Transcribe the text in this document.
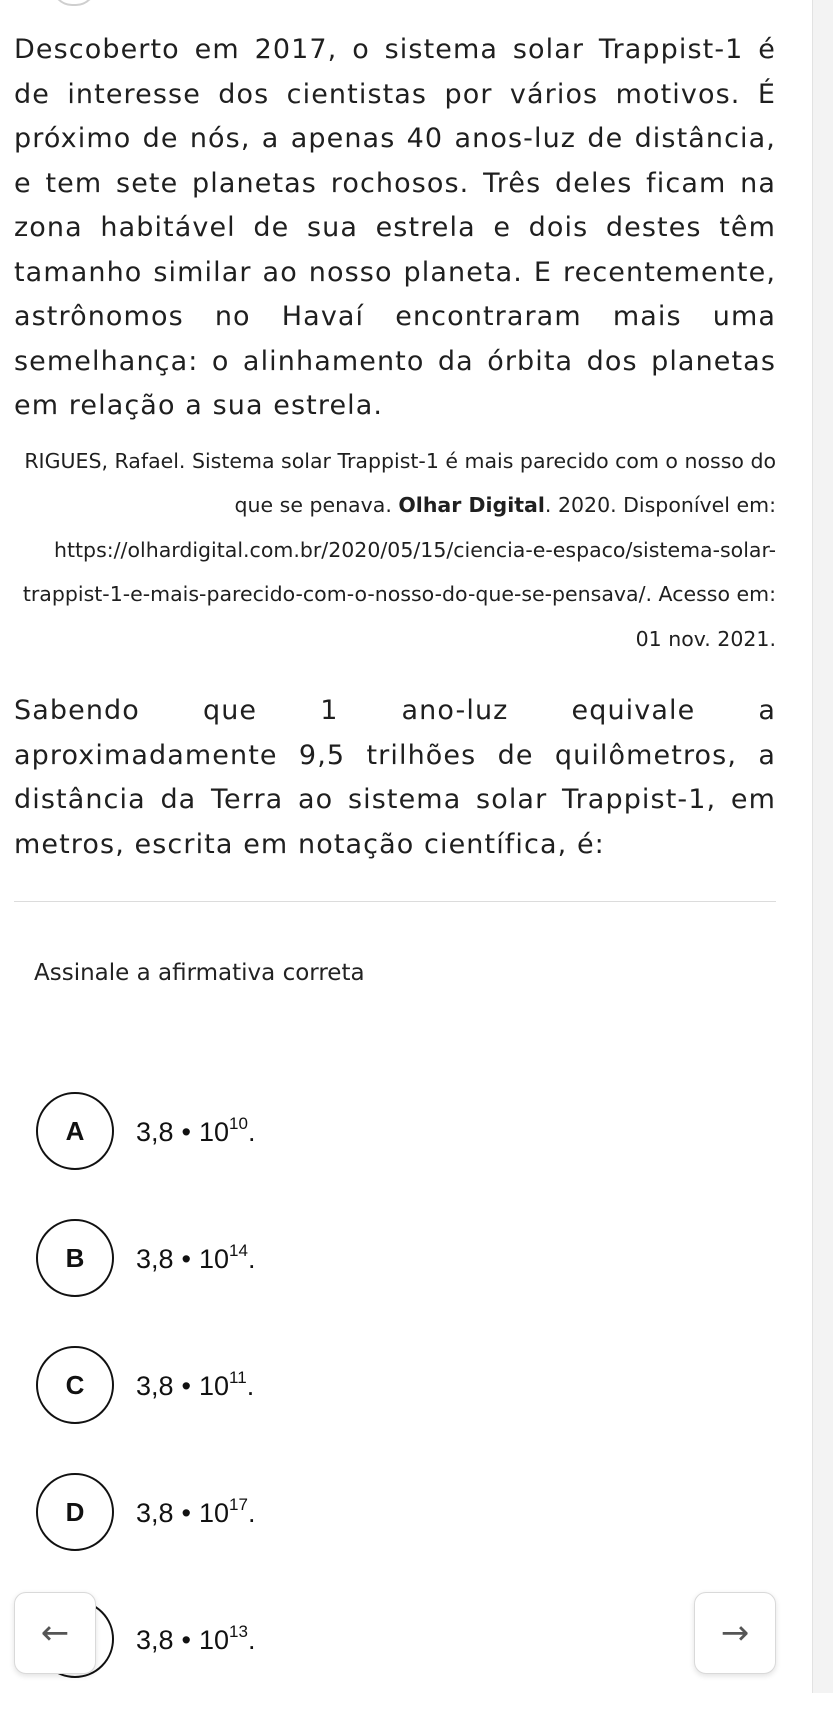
Descoberto em 2017, o sistema solar Trappist-1 é de interesse dos cientistas por vários motivos. É próximo de nós, a apenas 40 anos-luz de distância, e tem sete planetas rochosos. Três deles ficam na zona habitável de sua estrela e dois destes têm tamanho similar ao nosso planeta. E recentemente, astrônomos no Havaí encontraram mais uma semelhança: o alinhamento da órbita dos planetas em relação a sua estrela.

RIGUES, Rafael. Sistema solar Trappist-1 é mais parecido com o nosso do que se penava. Olhar Digital. 2020. Disponível em: https://olhardigital.com.br/2020/05/15/ciencia-e-espaco/sistema-solar-trappist-1-e-mais-parecido-com-o-nosso-do-que-se-pensava/. Acesso em: 01 nov. 2021.

Sabendo que 1 ano-luz equivale a aproximadamente 9,5 trilhões de quilômetros, a distância da Terra ao sistema solar Trappist-1, em metros, escrita em notação científica, é:

Assinale a afirmativa correta
A	3,8 • $10^{10}$.
B	3,8 • $10^{14}$.
C	3,8 • $10^{11}$.
D	3,8 • $10^{17}$.
3,8 • $10^{13}$.
←	→
